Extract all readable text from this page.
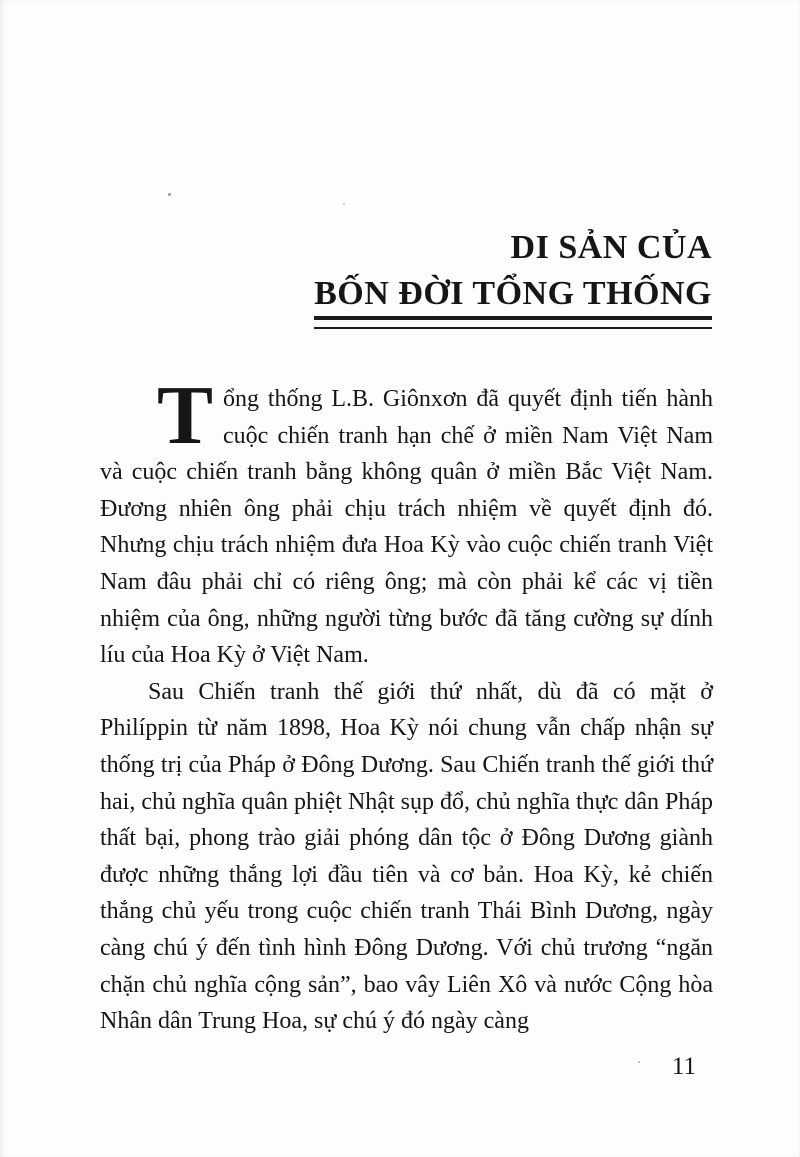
DI SẢN CỦA
BỐN ĐỜI TỔNG THỐNG

Tổng thống L.B. Giônxơn đã quyết định tiến hành cuộc chiến tranh hạn chế ở miền Nam Việt Nam và cuộc chiến tranh bằng không quân ở miền Bắc Việt Nam. Đương nhiên ông phải chịu trách nhiệm về quyết định đó. Nhưng chịu trách nhiệm đưa Hoa Kỳ vào cuộc chiến tranh Việt Nam đâu phải chỉ có riêng ông; mà còn phải kể các vị tiền nhiệm của ông, những người từng bước đã tăng cường sự dính líu của Hoa Kỳ ở Việt Nam.

Sau Chiến tranh thế giới thứ nhất, dù đã có mặt ở Philíppin từ năm 1898, Hoa Kỳ nói chung vẫn chấp nhận sự thống trị của Pháp ở Đông Dương. Sau Chiến tranh thế giới thứ hai, chủ nghĩa quân phiệt Nhật sụp đổ, chủ nghĩa thực dân Pháp thất bại, phong trào giải phóng dân tộc ở Đông Dương giành được những thắng lợi đầu tiên và cơ bản. Hoa Kỳ, kẻ chiến thắng chủ yếu trong cuộc chiến tranh Thái Bình Dương, ngày càng chú ý đến tình hình Đông Dương. Với chủ trương “ngăn chặn chủ nghĩa cộng sản”, bao vây Liên Xô và nước Cộng hòa Nhân dân Trung Hoa, sự chú ý đó ngày càng

11
